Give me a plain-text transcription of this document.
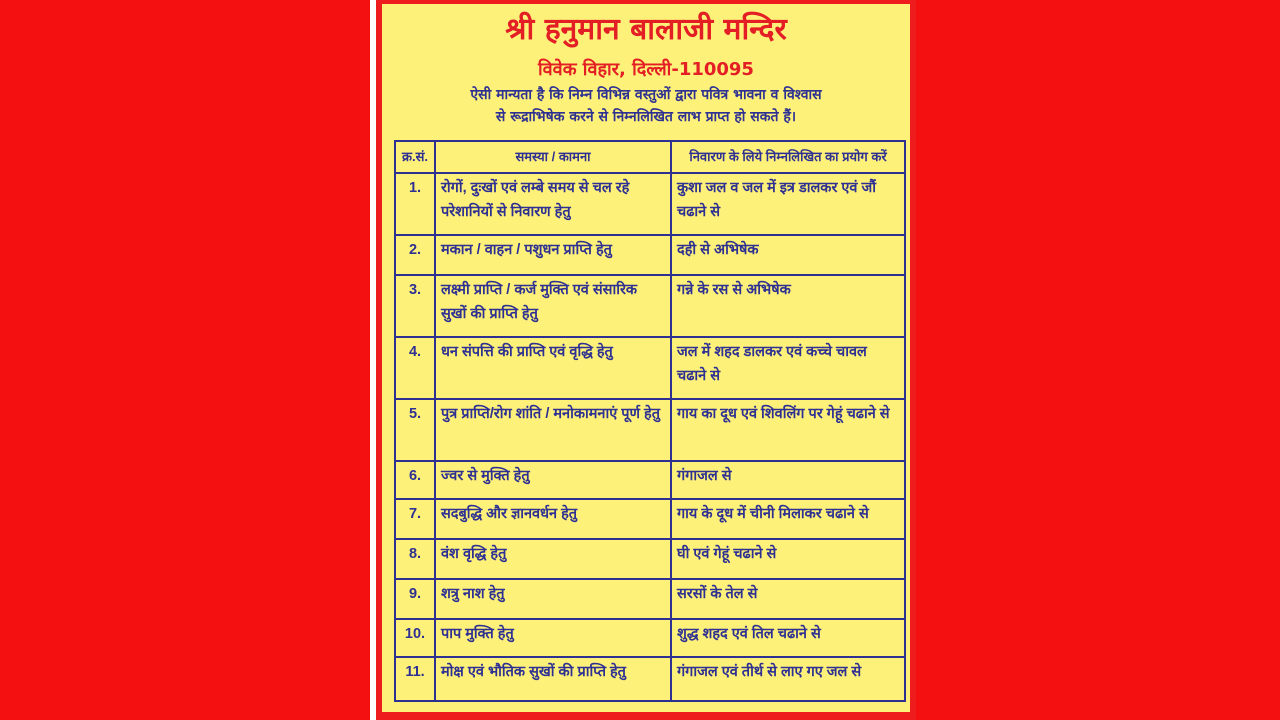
श्री हनुमान बालाजी मन्दिर
विवेक विहार, दिल्ली-110095
ऐसी मान्यता है कि निम्न विभिन्न वस्तुओं द्वारा पवित्र भावना व विश्वास
से रूद्राभिषेक करने से निम्नलिखित लाभ प्राप्त हो सकते हैं।
क्र.सं.	समस्या / कामना	निवारण के लिये निम्नलिखित का प्रयोग करें
1.	रोगों, दुःखों एवं लम्बे समय से चल रहे परेशानियों से निवारण हेतु	कुशा जल व जल में इत्र डालकर एवं जौं चढाने से
2.	मकान / वाहन / पशुधन प्राप्ति हेतु	दही से अभिषेक
3.	लक्ष्मी प्राप्ति / कर्ज मुक्ति एवं संसारिक सुखों की प्राप्ति हेतु	गन्ने के रस से अभिषेक
4.	धन संपत्ति की प्राप्ति एवं वृद्धि हेतु	जल में शहद डालकर एवं कच्चे चावल चढाने से
5.	पुत्र प्राप्ति/रोग शांति / मनोकामनाएं पूर्ण हेतु	गाय का दूध एवं शिवलिंग पर गेहूं चढाने से
6.	ज्वर से मुक्ति हेतु	गंगाजल से
7.	सदबुद्धि और ज्ञानवर्धन हेतु	गाय के दूध में चीनी मिलाकर चढाने से
8.	वंश वृद्धि हेतु	घी एवं गेहूं चढाने से
9.	शत्रु नाश हेतु	सरसों के तेल से
10.	पाप मुक्ति हेतु	शुद्ध शहद एवं तिल चढाने से
11.	मोक्ष एवं भौतिक सुखों की प्राप्ति हेतु	गंगाजल एवं तीर्थ से लाए गए जल से
